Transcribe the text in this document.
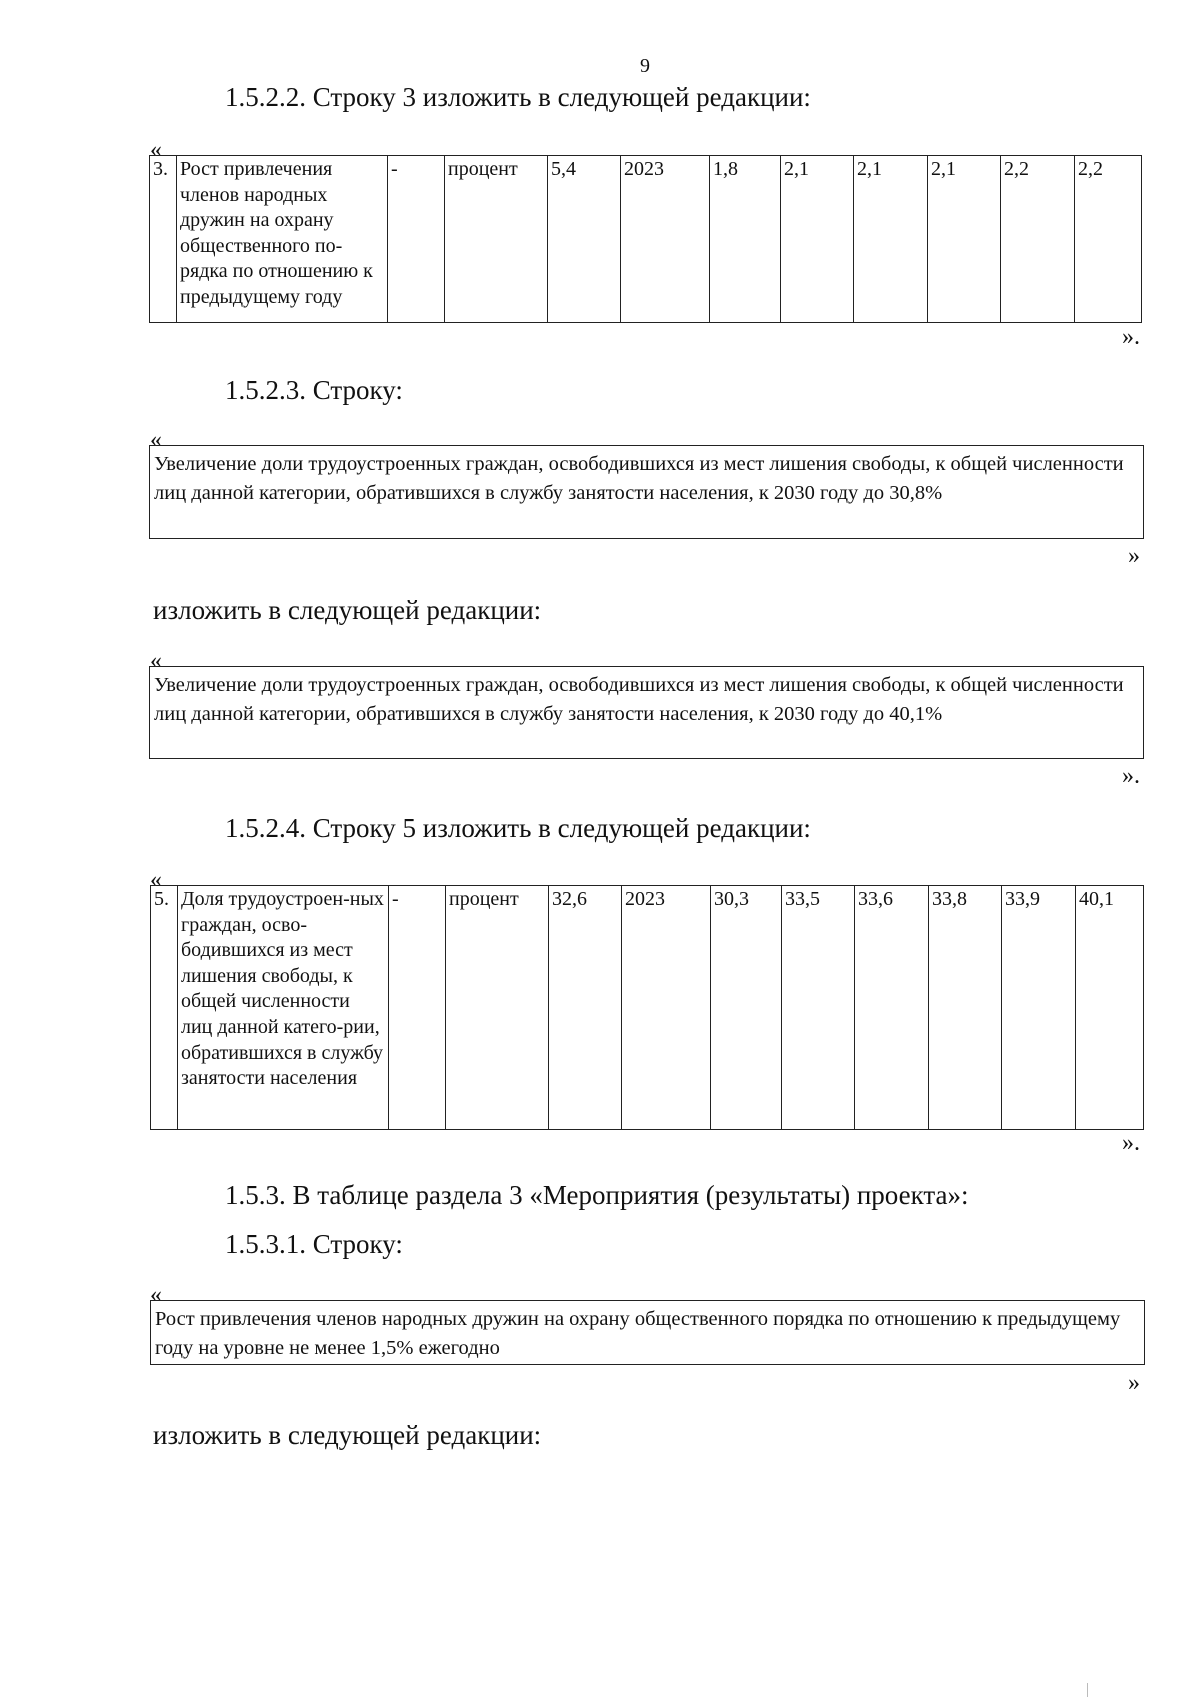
9
1.5.2.2. Строку 3 изложить в следующей редакции:
«
3.	Рост привлечения членов народных дружин на охрану общественного по-рядка по отношению к предыдущему году	-	процент	5,4	2023	1,8	2,1	2,1	2,1	2,2	2,2
».
1.5.2.3. Строку:
«
Увеличение доли трудоустроенных граждан, освободившихся из мест лишения свободы, к общей численности лиц данной категории, обратившихся в службу занятости населения, к 2030 году до 30,8%
»
изложить в следующей редакции:
«
Увеличение доли трудоустроенных граждан, освободившихся из мест лишения свободы, к общей численности лиц данной категории, обратившихся в службу занятости населения, к 2030 году до 40,1%
».
1.5.2.4. Строку 5 изложить в следующей редакции:
«
5.	Доля трудоустроен-ных граждан, осво-бодившихся из мест лишения свободы, к общей численности лиц данной катего-рии, обратившихся в службу занятости населения	-	процент	32,6	2023	30,3	33,5	33,6	33,8	33,9	40,1
».
1.5.3. В таблице раздела 3 «Мероприятия (результаты) проекта»:
1.5.3.1. Строку:
«
Рост привлечения членов народных дружин на охрану общественного порядка по отношению к предыдущему году на уровне не менее 1,5% ежегодно
»
изложить в следующей редакции:
